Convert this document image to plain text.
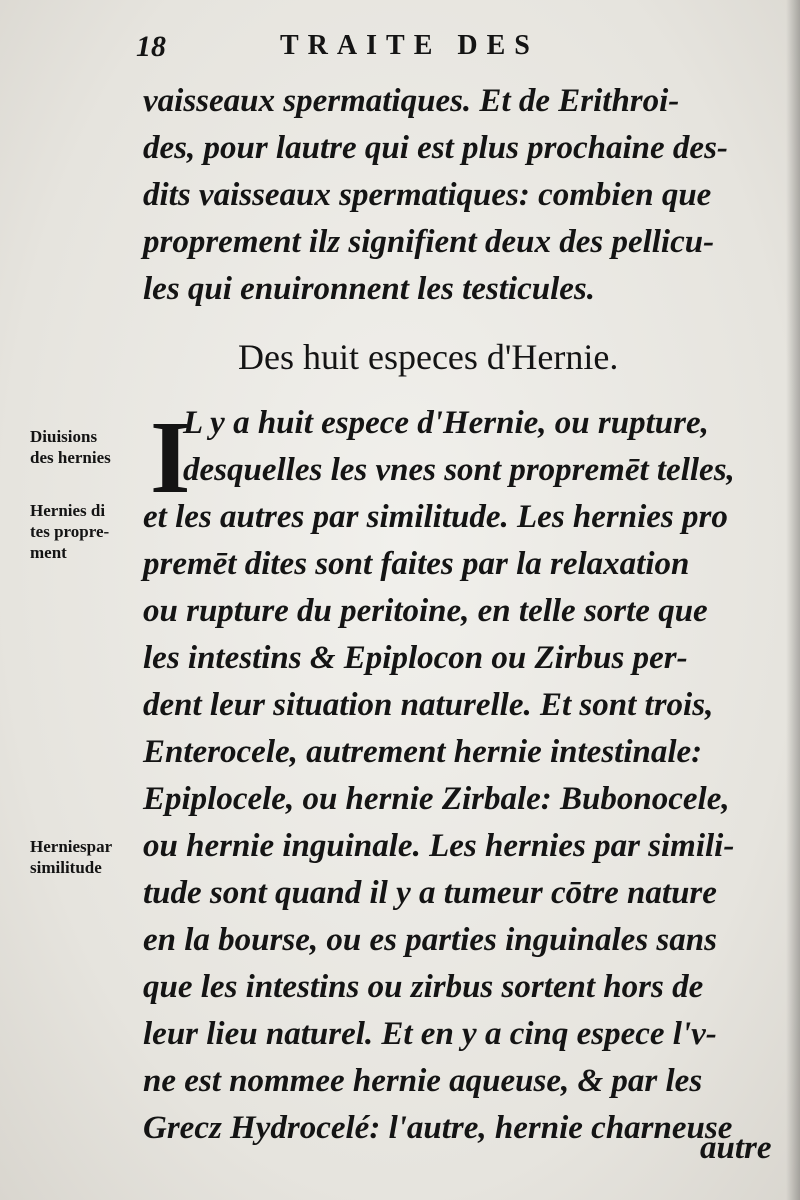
18	TRAITE DES
vaisseaux spermatiques. Et de Erithroi-
des, pour lautre qui est plus prochaine des-
dits vaisseaux spermatiques: combien que
proprement ilz signifient deux des pellicu-
les qui enuironnent les testicules.
Des huit especes d'Hernie.
I
L y a huit espece d'Hernie, ou rupture,
desquelles les vnes sont propremēt telles,
et les autres par similitude. Les hernies pro
premēt dites sont faites par la relaxation
ou rupture du peritoine, en telle sorte que
les intestins & Epiplocon ou Zirbus per-
dent leur situation naturelle. Et sont trois,
Enterocele, autrement hernie intestinale:
Epiplocele, ou hernie Zirbale: Bubonocele,
ou hernie inguinale. Les hernies par simili-
tude sont quand il y a tumeur cōtre nature
en la bourse, ou es parties inguinales sans
que les intestins ou zirbus sortent hors de
leur lieu naturel. Et en y a cinq espece l'v-
ne est nommee hernie aqueuse, & par les
Grecz Hydrocelé: l'autre, hernie charneuse
autre
Diuisions
des hernies
Hernies di
tes propre-
ment
Herniespar
similitude
